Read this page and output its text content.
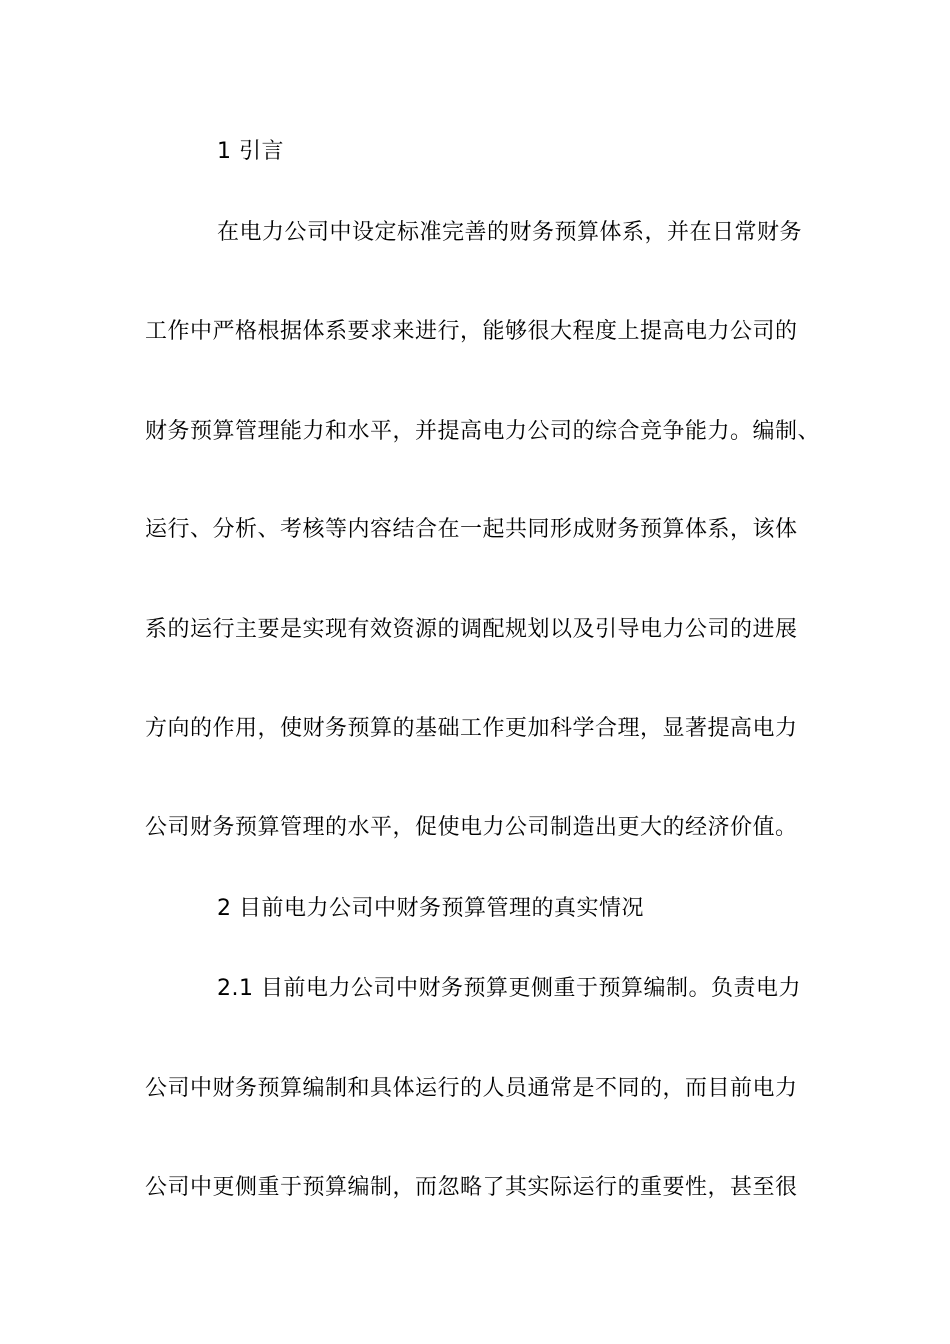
1 引言

在电力公司中设定标准完善的财务预算体系，并在日常财务

工作中严格根据体系要求来进行，能够很大程度上提高电力公司的

财务预算管理能力和水平，并提高电力公司的综合竞争能力。编制、

运行、分析、考核等内容结合在一起共同形成财务预算体系，该体

系的运行主要是实现有效资源的调配规划以及引导电力公司的进展

方向的作用，使财务预算的基础工作更加科学合理，显著提高电力

公司财务预算管理的水平，促使电力公司制造出更大的经济价值。

2 目前电力公司中财务预算管理的真实情况

2.1 目前电力公司中财务预算更侧重于预算编制。负责电力

公司中财务预算编制和具体运行的人员通常是不同的，而目前电力

公司中更侧重于预算编制，而忽略了其实际运行的重要性，甚至很
